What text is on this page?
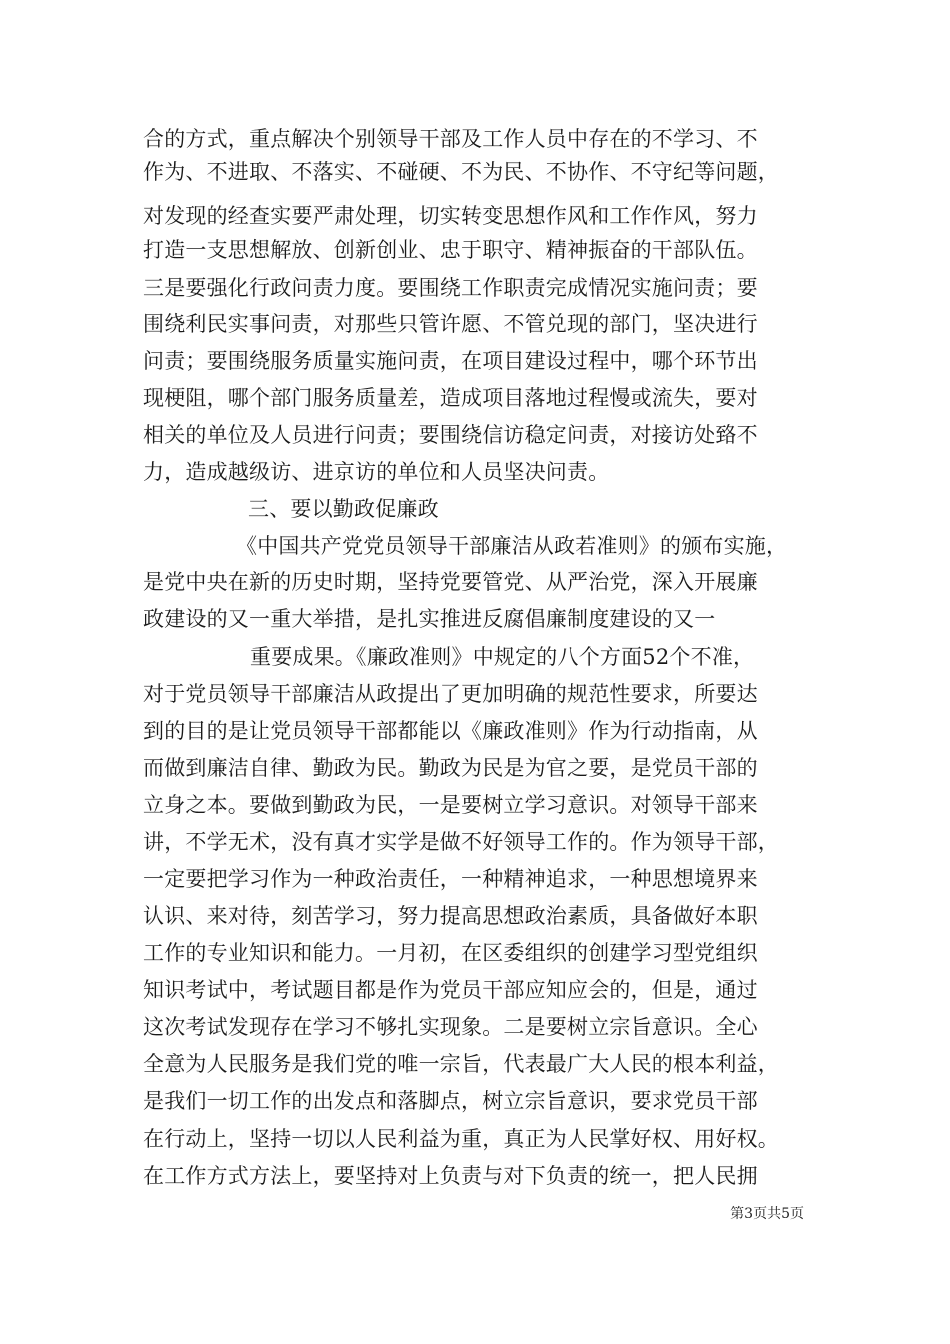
合的方式，重点解决个别领导干部及工作人员中存在的不学习、不
作为、不进取、不落实、不碰硬、不为民、不协作、不守纪等问题，
对发现的经查实要严肃处理，切实转变思想作风和工作作风，努力
打造一支思想解放、创新创业、忠于职守、精神振奋的干部队伍。
三是要强化行政问责力度。要围绕工作职责完成情况实施问责；要
围绕利民实事问责，对那些只管许愿、不管兑现的部门，坚决进行
问责；要围绕服务质量实施问责，在项目建设过程中，哪个环节出
现梗阻，哪个部门服务质量差，造成项目落地过程慢或流失，要对
相关的单位及人员进行问责；要围绕信访稳定问责，对接访处臵不
力，造成越级访、进京访的单位和人员坚决问责。
三、要以勤政促廉政
《中国共产党党员领导干部廉洁从政若准则》的颁布实施，
是党中央在新的历史时期，坚持党要管党、从严治党，深入开展廉
政建设的又一重大举措，是扎实推进反腐倡廉制度建设的又一
重要成果。《廉政准则》中规定的八个方面52个不准，
对于党员领导干部廉洁从政提出了更加明确的规范性要求，所要达
到的目的是让党员领导干部都能以《廉政准则》作为行动指南，从
而做到廉洁自律、勤政为民。勤政为民是为官之要，是党员干部的
立身之本。要做到勤政为民，一是要树立学习意识。对领导干部来
讲，不学无术，没有真才实学是做不好领导工作的。作为领导干部，
一定要把学习作为一种政治责任，一种精神追求，一种思想境界来
认识、来对待，刻苦学习，努力提高思想政治素质，具备做好本职
工作的专业知识和能力。一月初，在区委组织的创建学习型党组织
知识考试中，考试题目都是作为党员干部应知应会的，但是，通过
这次考试发现存在学习不够扎实现象。二是要树立宗旨意识。全心
全意为人民服务是我们党的唯一宗旨，代表最广大人民的根本利益，
是我们一切工作的出发点和落脚点，树立宗旨意识，要求党员干部
在行动上，坚持一切以人民利益为重，真正为人民掌好权、用好权。
在工作方式方法上，要坚持对上负责与对下负责的统一，把人民拥
第3页共5页
